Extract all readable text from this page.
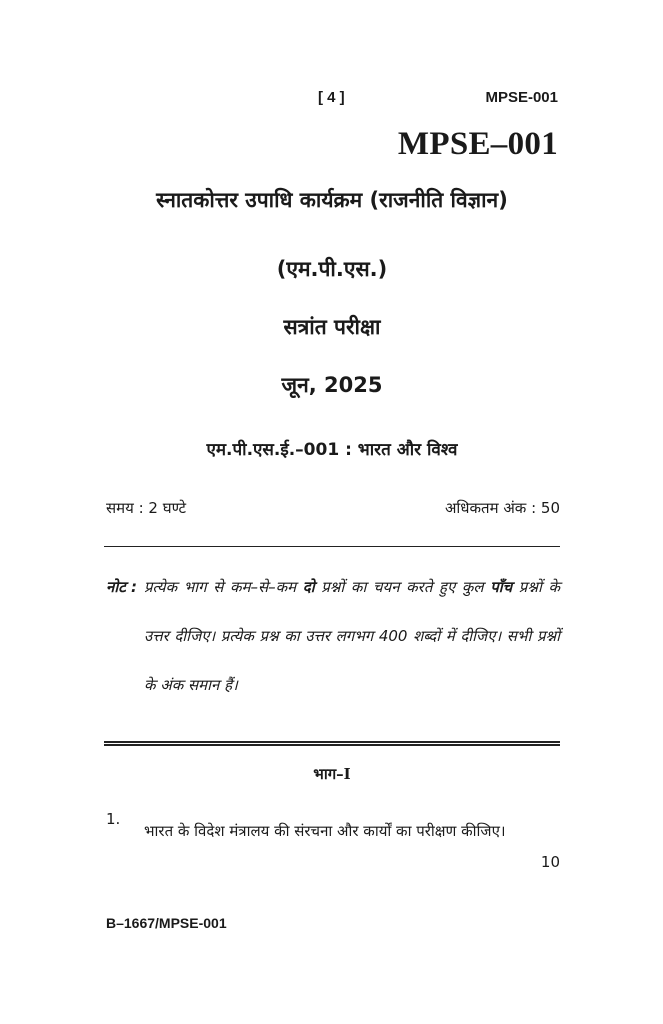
[ 4 ]	MPSE-001
MPSE–001
स्नातकोत्तर उपाधि कार्यक्रम (राजनीति विज्ञान)
(एम.पी.एस.)
सत्रांत परीक्षा
जून, 2025
एम.पी.एस.ई.–001 : भारत और विश्व
समय : 2 घण्टे	अधिकतम अंक : 50
नोट : प्रत्येक भाग से कम–से–कम दो प्रश्नों का चयन करते हुए कुल पाँच प्रश्नों के उत्तर दीजिए। प्रत्येक प्रश्न का उत्तर लगभग 400 शब्दों में दीजिए। सभी प्रश्नों के अंक समान हैं।
भाग–I
1.
भारत के विदेश मंत्रालय की संरचना और कार्यों का परीक्षण कीजिए।
10
B–1667/MPSE-001
